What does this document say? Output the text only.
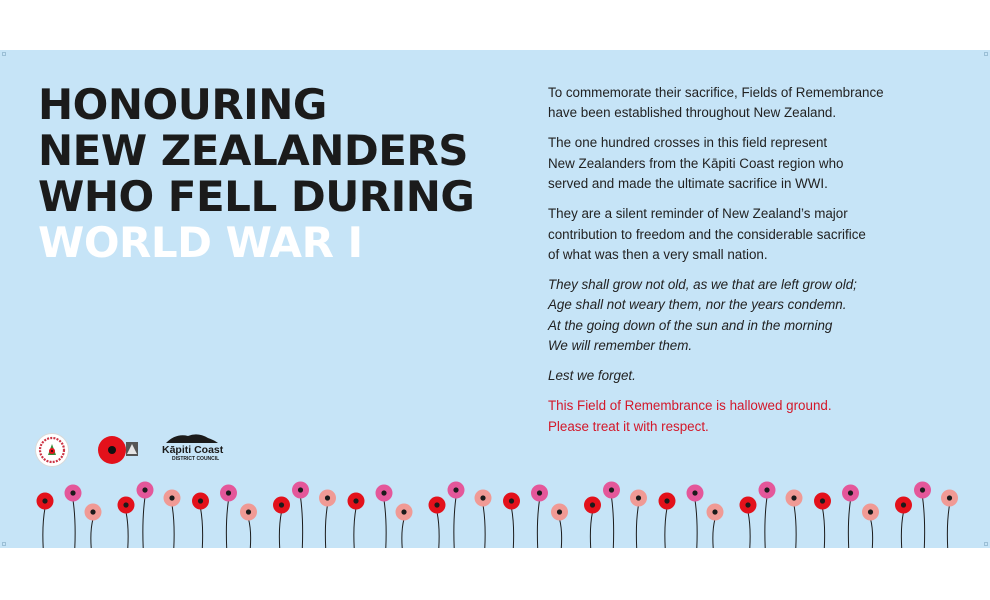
HONOURING
NEW ZEALANDERS
WHO FELL DURING
WORLD WAR I

To commemorate their sacrifice, Fields of Remembrance
have been established throughout New Zealand.

The one hundred crosses in this field represent
New Zealanders from the Kāpiti Coast region who
served and made the ultimate sacrifice in WWI.

They are a silent reminder of New Zealand’s major
contribution to freedom and the considerable sacrifice
of what was then a very small nation.

They shall grow not old, as we that are left grow old;
Age shall not weary them, nor the years condemn.
At the going down of the sun and in the morning
We will remember them.

Lest we forget.

This Field of Remembrance is hallowed ground.
Please treat it with respect.

Kāpiti Coast
DISTRICT COUNCIL
